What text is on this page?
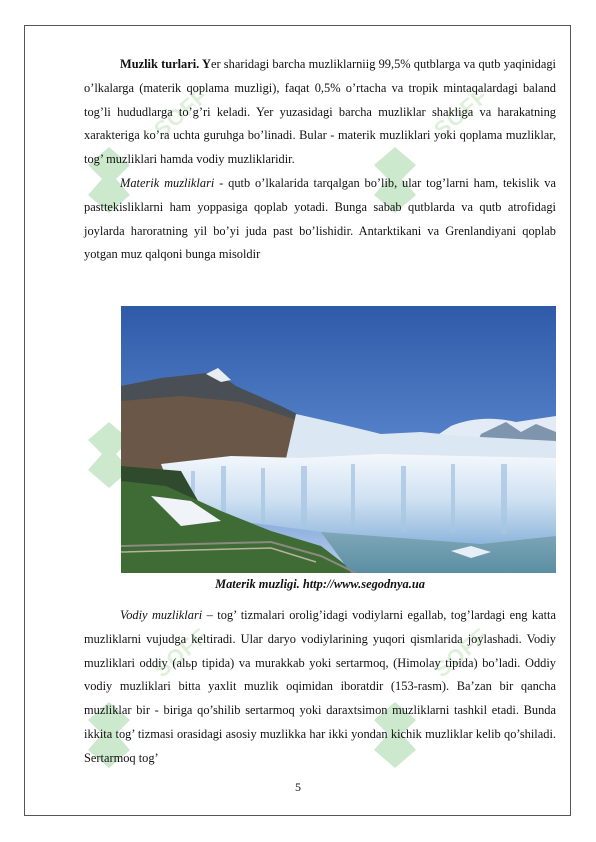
SOFF	SOFF
SOFF	SOFF

Muzlik turlari. Yer sharidagi barcha muzliklarniig 99,5% qutblarga va qutb yaqinidagi o’lkalarga (materik qoplama muzligi), faqat 0,5% o’rtacha va tropik mintaqalardagi baland tog’li hududlarga to’g’ri keladi. Yer yuzasidagi barcha muzliklar shakliga va harakatning xarakteriga ko’ra uchta guruhga bo’linadi. Bular - materik muzliklari yoki qoplama muzliklar, tog’ muzliklari hamda vodiy muzliklaridir.

Materik muzliklari - qutb o’lkalarida tarqalgan bo’lib, ular tog’larni ham, tekislik va pasttekisliklarni ham yoppasiga qoplab yotadi. Bunga sabab qutblarda va qutb atrofidagi joylarda haroratning yil bo’yi juda past bo’lishidir. Antarktikani va Grenlandiyani qoplab yotgan muz qalqoni bunga misoldir

Materik muzligi. http://www.segodnya.ua

Vodiy muzliklari – tog’ tizmalari orolig’idagi vodiylarni egallab, tog’lardagi eng katta muzliklarni vujudga keltiradi. Ular daryo vodiylarining yuqori qismlarida joylashadi. Vodiy muzliklari oddiy (alьp tipida) va murakkab yoki sertarmoq, (Himolay tipida) bo’ladi. Oddiy vodiy muzliklari bitta yaxlit muzlik oqimidan iboratdir (153-rasm). Ba’zan bir qancha muzliklar bir - biriga qo’shilib sertarmoq yoki daraxtsimon muzliklarni tashkil etadi. Bunda ikkita tog’ tizmasi orasidagi asosiy muzlikka har ikki yondan kichik muzliklar kelib qo’shiladi. Sertarmoq tog’

5
